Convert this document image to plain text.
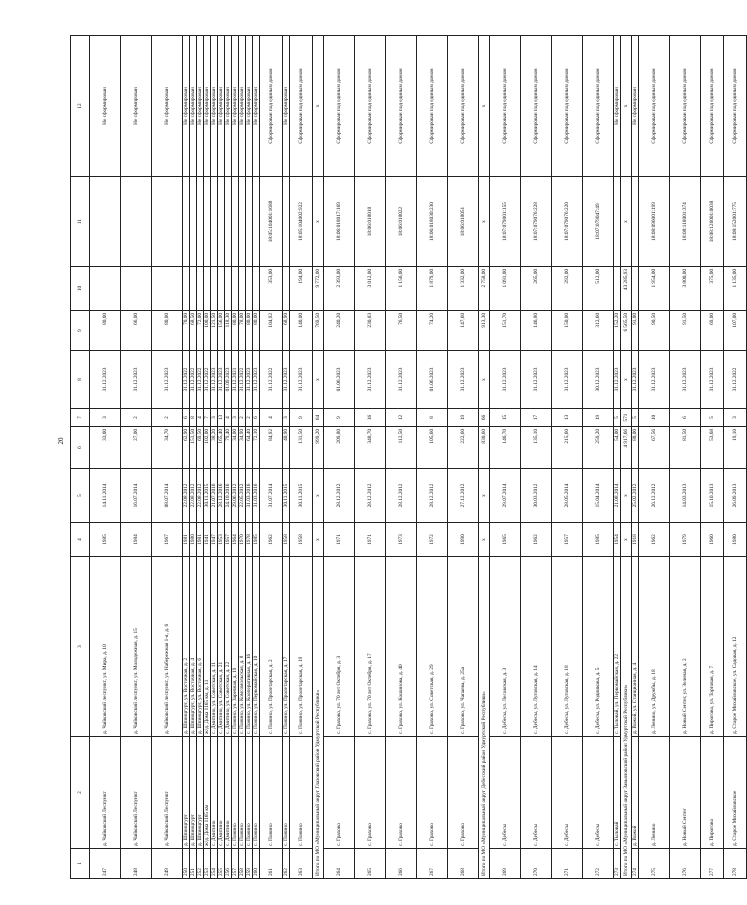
20
1	2	3	4	5	6	7	8	9	10	11	12
247	д. Чайковский Леспункт	д. Чайковский леспункт, ул. Мира, д. 10	1985	14.11.2014	33,00	3	31.12.2023	80,00			Не сформирован
248	д. Чайковский Леспункт	д. Чайковский леспункт, ул. Молодежная, д. 15	1984	16.07.2014	27,00	2	31.12.2023	66,00			Не сформирован
249	д. Чайковский Леспункт	д. Чайковский леспункт, ул. Набережная 1-я, д. 6	1967	08.07.2014	34,70	2	31.12.2023	80,00			Не сформирован
250	д. Шпинцгурт	д. Шпинцгурт, ул. Восточная, д. 2	1981	22.08.2012	62,90	6	31.12.2022	70,00			Не сформирован
251	д. Шпинцгурт	д. Шпинцгурт, ул. Восточная, д. 4	1980	22.08.2012	151,50	8	31.12.2022	68,50			Не сформирован
252	д. Шпинцгурт	д. Шпинцгурт, ул. Восточная, д. 6	1981	22.08.2012	69,50	4	31.12.2022	72,00			Не сформирован
253	ж/д. Дома 1165 км	ж/д. Дома 1165 км, д. 11	1941	30.11.2015	102,00	7	31.12.2022	100,00			Не сформирован
254	с. Дмитино	с. Дмитино, ул. Советская, д. 11	1947	21.07.2016	38,20	3	31.12.2023	121,50			Не сформирован
255	с. Дмитино	с. Дмитино, ул. Советская, д. 21	1953	28.12.2016	165,40	13	31.12.2023	156,00			Не сформирован
256	с. Дмитино	с. Дмитино, ул. Советская, д. 22	1957	24.10.2016	79,40	4	01.09.2023	118,30			Не сформирован
257	с. Понино	с. Понино, ул. Заречная, д. 19	1964	29.06.2012	34,00	3	31.12.2021	80,00			Не сформирован
258	с. Понино	с. Понино, ул. Комсомольская, д. 8	1970	22.05.2012	34,90	2	31.12.2022	78,00			Не сформирован
259	с. Понино	с. Понино, ул. Кооперативная, д. 16	1978	31.03.2016	64,40	2	31.12.2023	80,00			Не сформирован
260	с. Понино	с. Понино, ул. Первомайская, д. 10	1985	31.03.2016	72,10	6	31.12.2023	80,00			Не сформирован
261	с. Понино	с. Понино, ул. Пролетарская, д. 2	1962	31.07.2014	84,92	4	31.12.2022	104,92	353,00	18:05:104001:1688	Сформирован под единым домом
262	с. Понино	с. Понино, ул. Пролетарская, д. 17	1958	30.11.2015	40,90	3	31.12.2023	68,90			Не сформирован
263	с. Понино	с. Понино, ул. Пролетарская, д. 19	1958	30.11.2015	131,50	9	31.12.2023	140,00	194,00	18:05:104002:922	Сформирован под единым домом
Итого по МО «Муниципальный округ Глазовский район Удмуртской Республики»			x	x	999,20	64	x	769,50	9 772,00	x	x
264	с. Грахово	с. Грахово, ул. 70 лет Октября, д. 3	1971	28.12.2012	209,80	9	01.06.2023	240,20	2 393,00	18:06:018017:169	Сформирован под единым домом
265	с. Грахово	с. Грахово, ул. 70 лет Октября, д. 17	1971	28.12.2012	348,70	16	31.12.2023	230,83	3 012,00	18:06:018018	Сформирован под единым домом
266	с. Грахово	с. Грахово, ул. Кошинова, д. 40	1973	28.12.2012	112,50	12	31.12.2023	76,50	1 156,00	18:06:018022	Сформирован под единым домом
267	с. Грахово	с. Грахово, ул. Советская, д. 29	1972	28.12.2012	105,60	8	01.06.2023	74,20	1 879,00	18:06:018030:230	Сформирован под единым домом
268	с. Грахово	с. Грахово, ул. Чапаева, д. 25а	1990	27.12.2012	222,60	19	31.12.2023	147,60	1 332,00	18:06:018051	Сформирован под единым домом
Итого по МО «Муниципальный округ Дебесский район Удмуртской Республики»			x	x	830,60	66	x	913,30	2 758,00	x	x
269	с. Дебесы	с. Дебесы, ул. Лесовская, д. 3	1965	29.07.2014	146,70	15	31.12.2023	151,70	1 091,00	18:07:079001:155	Сформирован под единым домом
270	с. Дебесы	с. Дебесы, ул. Луговская, д. 14	1962	30.03.2012	135,10	17	31.12.2023	146,80	265,00	18:07:079076:228	Сформирован под единым домом
271	с. Дебесы	с. Дебесы, ул. Луговская, д. 18	1957	28.05.2014	215,60	13	31.12.2023	150,00	292,00	18:07:079076:220	Сформирован под единым домом
272	с. Дебесы	с. Дебесы, ул. Родникова, д. 5	1985	15.04.2014	259,20	19	30.12.2023	312,60	512,00	18:07:079047:49	Сформирован под единым домом
273	с. Тыловай	с. Тыловай, ул. Первомайская, д. 22	1954	21.08.2014	54,00	5	31.12.2023	152,20			Не сформирован
Итого по МО «Муниципальный округ Завьяловский район Удмуртской Республики»			x	x	4 917,66	571	x	6 565,50	43 285,93	x	x
274	д. Вожой	д. Вожой, ул. Станционная, д. 4	1918	25.02.2012	80,00	5	31.12.2023	91,00			Не сформирован
275	д. Ленино	д. Ленино, ул. Дружбы, д. 18	1962	26.12.2012	67,56	10	31.12.2023	90,50	1 954,00	18:08:096001:199	Сформирован под единым домом
276	д. Новый Сентег	д. Новый Сентег, ул. Зеленая, д. 2	1979	14.03.2013	81,50	6	31.12.2023	91,50	3 800,00	18:08:118001:374	Сформирован под единым домом
277	д. Пирогово	д. Пирогово, ул. Торговая, д. 7	1960	15.10.2013	53,68	5	31.12.2023	69,00	375,00	18:08:126001:0038	Сформирован под единым домом
278	д. Старое Михайловское	д. Старое Михайловское, ул. Садовая, д. 12	1980	26.09.2013	19,10	3	31.12.2022	107,00	1 135,00	18:08:152001:775	Сформирован под единым домом
